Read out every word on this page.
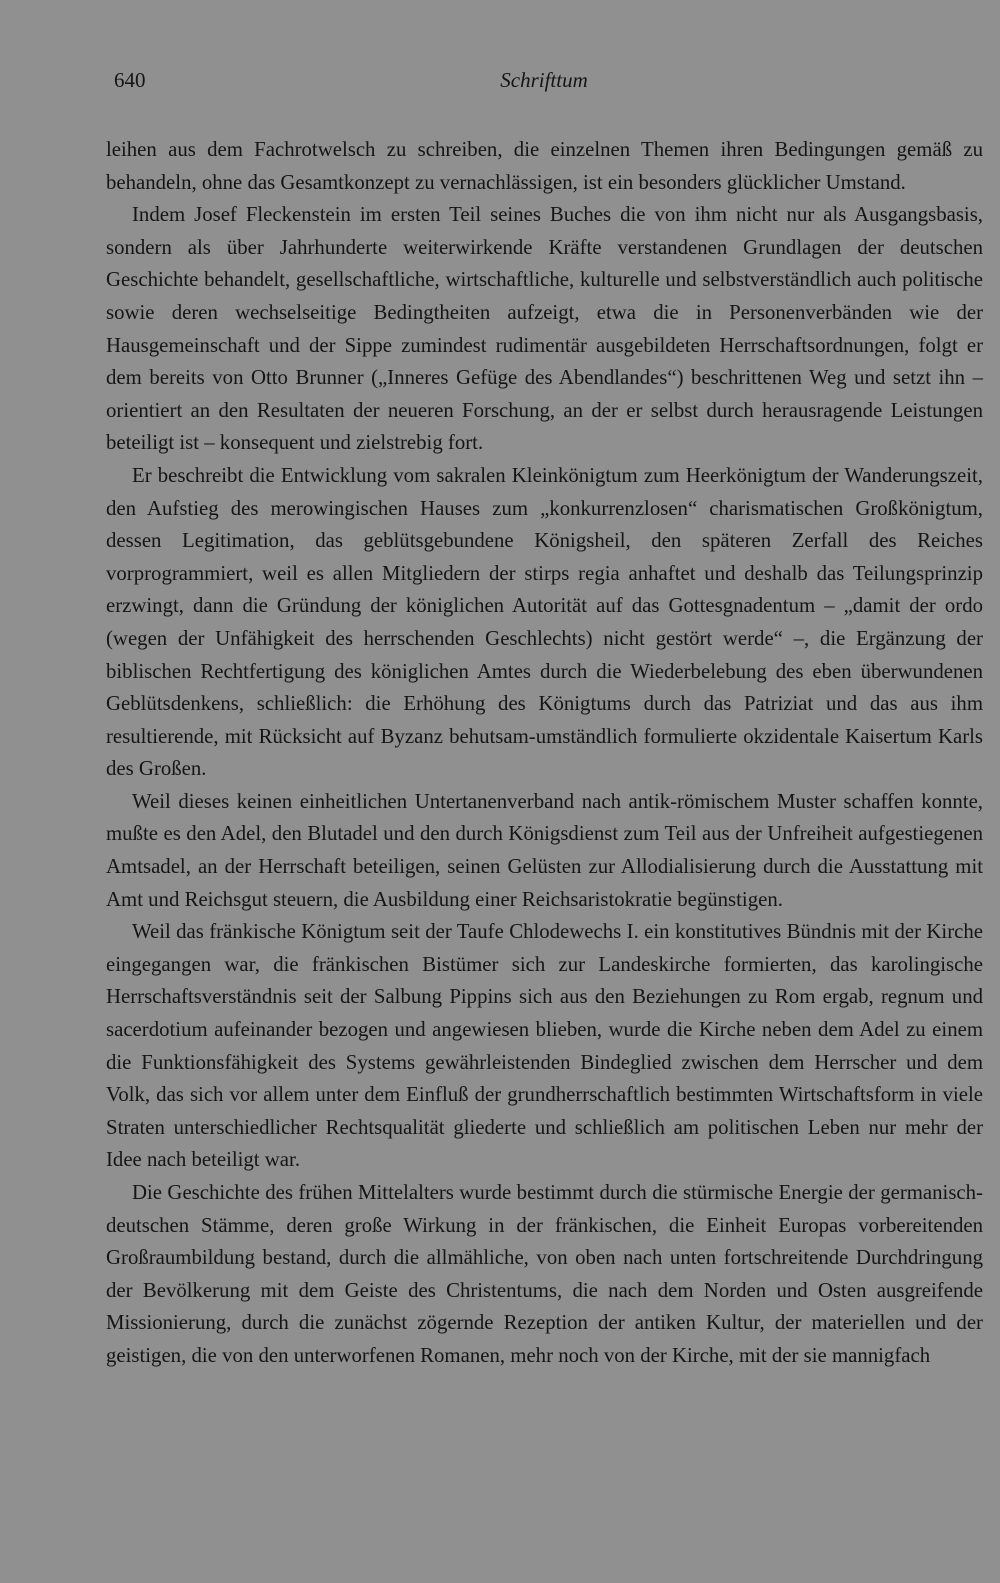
640	Schrifttum

leihen aus dem Fachrotwelsch zu schreiben, die einzelnen Themen ihren Bedingungen gemäß zu behandeln, ohne das Gesamtkonzept zu vernachlässigen, ist ein besonders glücklicher Umstand.

Indem Josef Fleckenstein im ersten Teil seines Buches die von ihm nicht nur als Ausgangsbasis, sondern als über Jahrhunderte weiterwirkende Kräfte verstandenen Grundlagen der deutschen Geschichte behandelt, gesellschaftliche, wirtschaftliche, kulturelle und selbstverständlich auch politische sowie deren wechselseitige Bedingtheiten aufzeigt, etwa die in Personenverbänden wie der Hausgemeinschaft und der Sippe zumindest rudimentär ausgebildeten Herrschaftsordnungen, folgt er dem bereits von Otto Brunner („Inneres Gefüge des Abendlandes“) beschrittenen Weg und setzt ihn – orientiert an den Resultaten der neueren Forschung, an der er selbst durch herausragende Leistungen beteiligt ist – konsequent und zielstrebig fort.

Er beschreibt die Entwicklung vom sakralen Kleinkönigtum zum Heerkönigtum der Wanderungszeit, den Aufstieg des merowingischen Hauses zum „konkurrenzlosen“ charismatischen Großkönigtum, dessen Legitimation, das geblütsgebundene Königsheil, den späteren Zerfall des Reiches vorprogrammiert, weil es allen Mitgliedern der stirps regia anhaftet und deshalb das Teilungsprinzip erzwingt, dann die Gründung der königlichen Autorität auf das Gottesgnadentum – „damit der ordo (wegen der Unfähigkeit des herrschenden Geschlechts) nicht gestört werde“ –, die Ergänzung der biblischen Rechtfertigung des königlichen Amtes durch die Wiederbelebung des eben überwundenen Geblütsdenkens, schließlich: die Erhöhung des Königtums durch das Patriziat und das aus ihm resultierende, mit Rücksicht auf Byzanz behutsam-umständlich formulierte okzidentale Kaisertum Karls des Großen.

Weil dieses keinen einheitlichen Untertanenverband nach antik-römischem Muster schaffen konnte, mußte es den Adel, den Blutadel und den durch Königsdienst zum Teil aus der Unfreiheit aufgestiegenen Amtsadel, an der Herrschaft beteiligen, seinen Gelüsten zur Allodialisierung durch die Ausstattung mit Amt und Reichsgut steuern, die Ausbildung einer Reichsaristokratie begünstigen.

Weil das fränkische Königtum seit der Taufe Chlodewechs I. ein konstitutives Bündnis mit der Kirche eingegangen war, die fränkischen Bistümer sich zur Landeskirche formierten, das karolingische Herrschaftsverständnis seit der Salbung Pippins sich aus den Beziehungen zu Rom ergab, regnum und sacerdotium aufeinander bezogen und angewiesen blieben, wurde die Kirche neben dem Adel zu einem die Funktionsfähigkeit des Systems gewährleistenden Bindeglied zwischen dem Herrscher und dem Volk, das sich vor allem unter dem Einfluß der grundherrschaftlich bestimmten Wirtschaftsform in viele Straten unterschiedlicher Rechtsqualität gliederte und schließlich am politischen Leben nur mehr der Idee nach beteiligt war.

Die Geschichte des frühen Mittelalters wurde bestimmt durch die stürmische Energie der germanisch-deutschen Stämme, deren große Wirkung in der fränkischen, die Einheit Europas vorbereitenden Großraumbildung bestand, durch die allmähliche, von oben nach unten fortschreitende Durchdringung der Bevölkerung mit dem Geiste des Christentums, die nach dem Norden und Osten ausgreifende Missionierung, durch die zunächst zögernde Rezeption der antiken Kultur, der materiellen und der geistigen, die von den unterworfenen Romanen, mehr noch von der Kirche, mit der sie mannigfach
